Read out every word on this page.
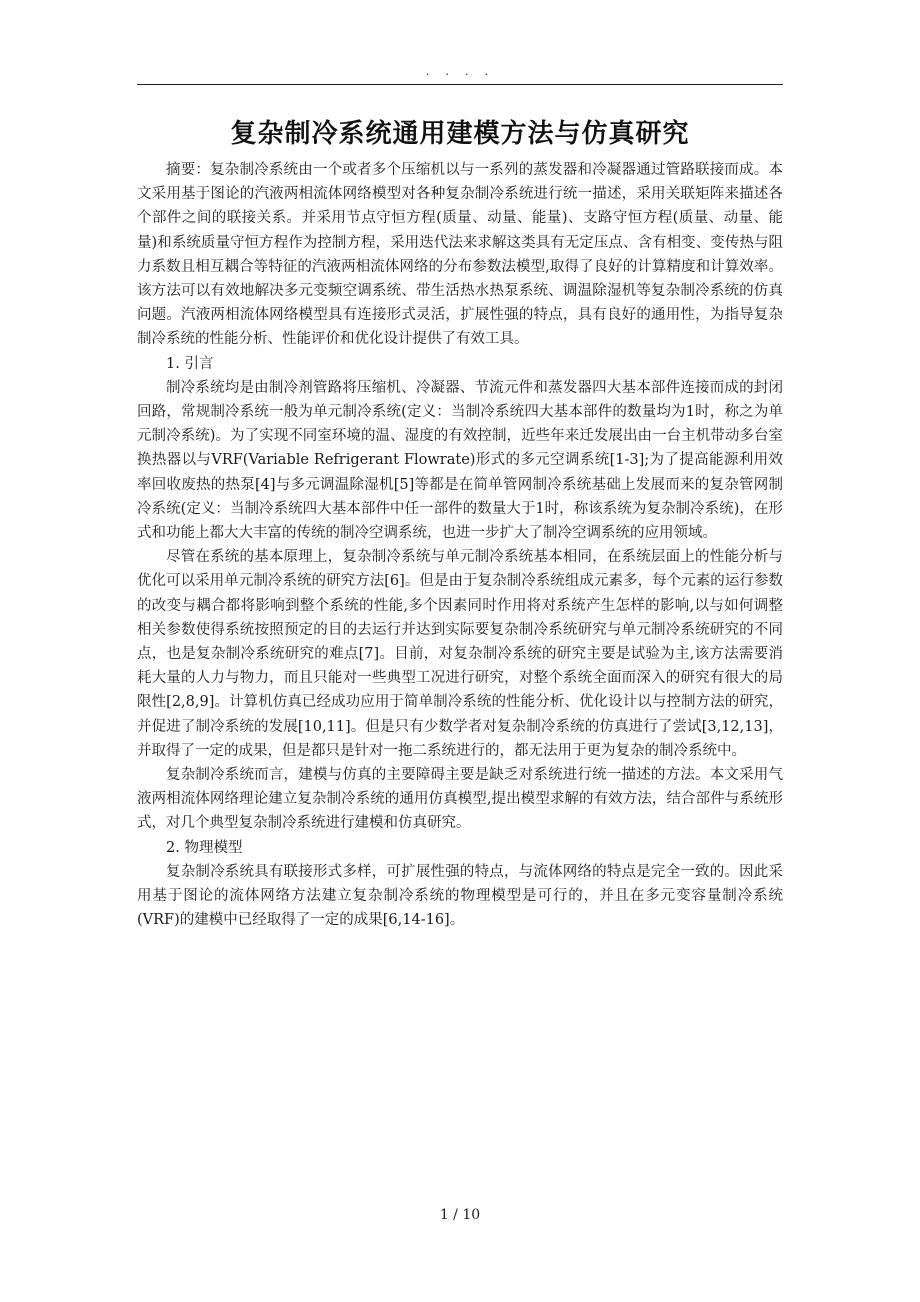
. . . .
复杂制冷系统通用建模方法与仿真研究

摘要：复杂制冷系统由一个或者多个压缩机以与一系列的蒸发器和冷凝器通过管路联接而成。本文采用基于图论的汽液两相流体网络模型对各种复杂制冷系统进行统一描述，采用关联矩阵来描述各个部件之间的联接关系。并采用节点守恒方程(质量、动量、能量)、支路守恒方程(质量、动量、能量)和系统质量守恒方程作为控制方程，采用迭代法来求解这类具有无定压点、含有相变、变传热与阻力系数且相互耦合等特征的汽液两相流体网络的分布参数法模型,取得了良好的计算精度和计算效率。该方法可以有效地解决多元变频空调系统、带生活热水热泵系统、调温除湿机等复杂制冷系统的仿真问题。汽液两相流体网络模型具有连接形式灵活，扩展性强的特点，具有良好的通用性，为指导复杂制冷系统的性能分析、性能评价和优化设计提供了有效工具。

1. 引言

制冷系统均是由制冷剂管路将压缩机、冷凝器、节流元件和蒸发器四大基本部件连接而成的封闭回路，常规制冷系统一般为单元制冷系统(定义：当制冷系统四大基本部件的数量均为1时，称之为单元制冷系统)。为了实现不同室环境的温、湿度的有效控制，近些年来迁发展出由一台主机带动多台室换热器以与VRF(Variable Refrigerant Flowrate)形式的多元空调系统[1-3];为了提高能源利用效率回收废热的热泵[4]与多元调温除湿机[5]等都是在简单管网制冷系统基础上发展而来的复杂管网制冷系统(定义：当制冷系统四大基本部件中任一部件的数量大于1时，称该系统为复杂制冷系统)，在形式和功能上都大大丰富的传统的制冷空调系统，也进一步扩大了制冷空调系统的应用领域。

尽管在系统的基本原理上，复杂制冷系统与单元制冷系统基本相同，在系统层面上的性能分析与优化可以采用单元制冷系统的研究方法[6]。但是由于复杂制冷系统组成元素多，每个元素的运行参数的改变与耦合都将影响到整个系统的性能,多个因素同时作用将对系统产生怎样的影响,以与如何调整相关参数使得系统按照预定的目的去运行并达到实际要复杂制冷系统研究与单元制冷系统研究的不同点，也是复杂制冷系统研究的难点[7]。目前，对复杂制冷系统的研究主要是试验为主,该方法需要消耗大量的人力与物力，而且只能对一些典型工况进行研究，对整个系统全面而深入的研究有很大的局限性[2,8,9]。计算机仿真已经成功应用于简单制冷系统的性能分析、优化设计以与控制方法的研究，并促进了制冷系统的发展[10,11]。但是只有少数学者对复杂制冷系统的仿真进行了尝试[3,12,13]，并取得了一定的成果，但是都只是针对一拖二系统进行的，都无法用于更为复杂的制冷系统中。

复杂制冷系统而言，建模与仿真的主要障碍主要是缺乏对系统进行统一描述的方法。本文采用气液两相流体网络理论建立复杂制冷系统的通用仿真模型,提出模型求解的有效方法，结合部件与系统形式，对几个典型复杂制冷系统进行建模和仿真研究。

2. 物理模型

复杂制冷系统具有联接形式多样，可扩展性强的特点，与流体网络的特点是完全一致的。因此采用基于图论的流体网络方法建立复杂制冷系统的物理模型是可行的，并且在多元变容量制冷系统(VRF)的建模中已经取得了一定的成果[6,14-16]。

1 / 10
